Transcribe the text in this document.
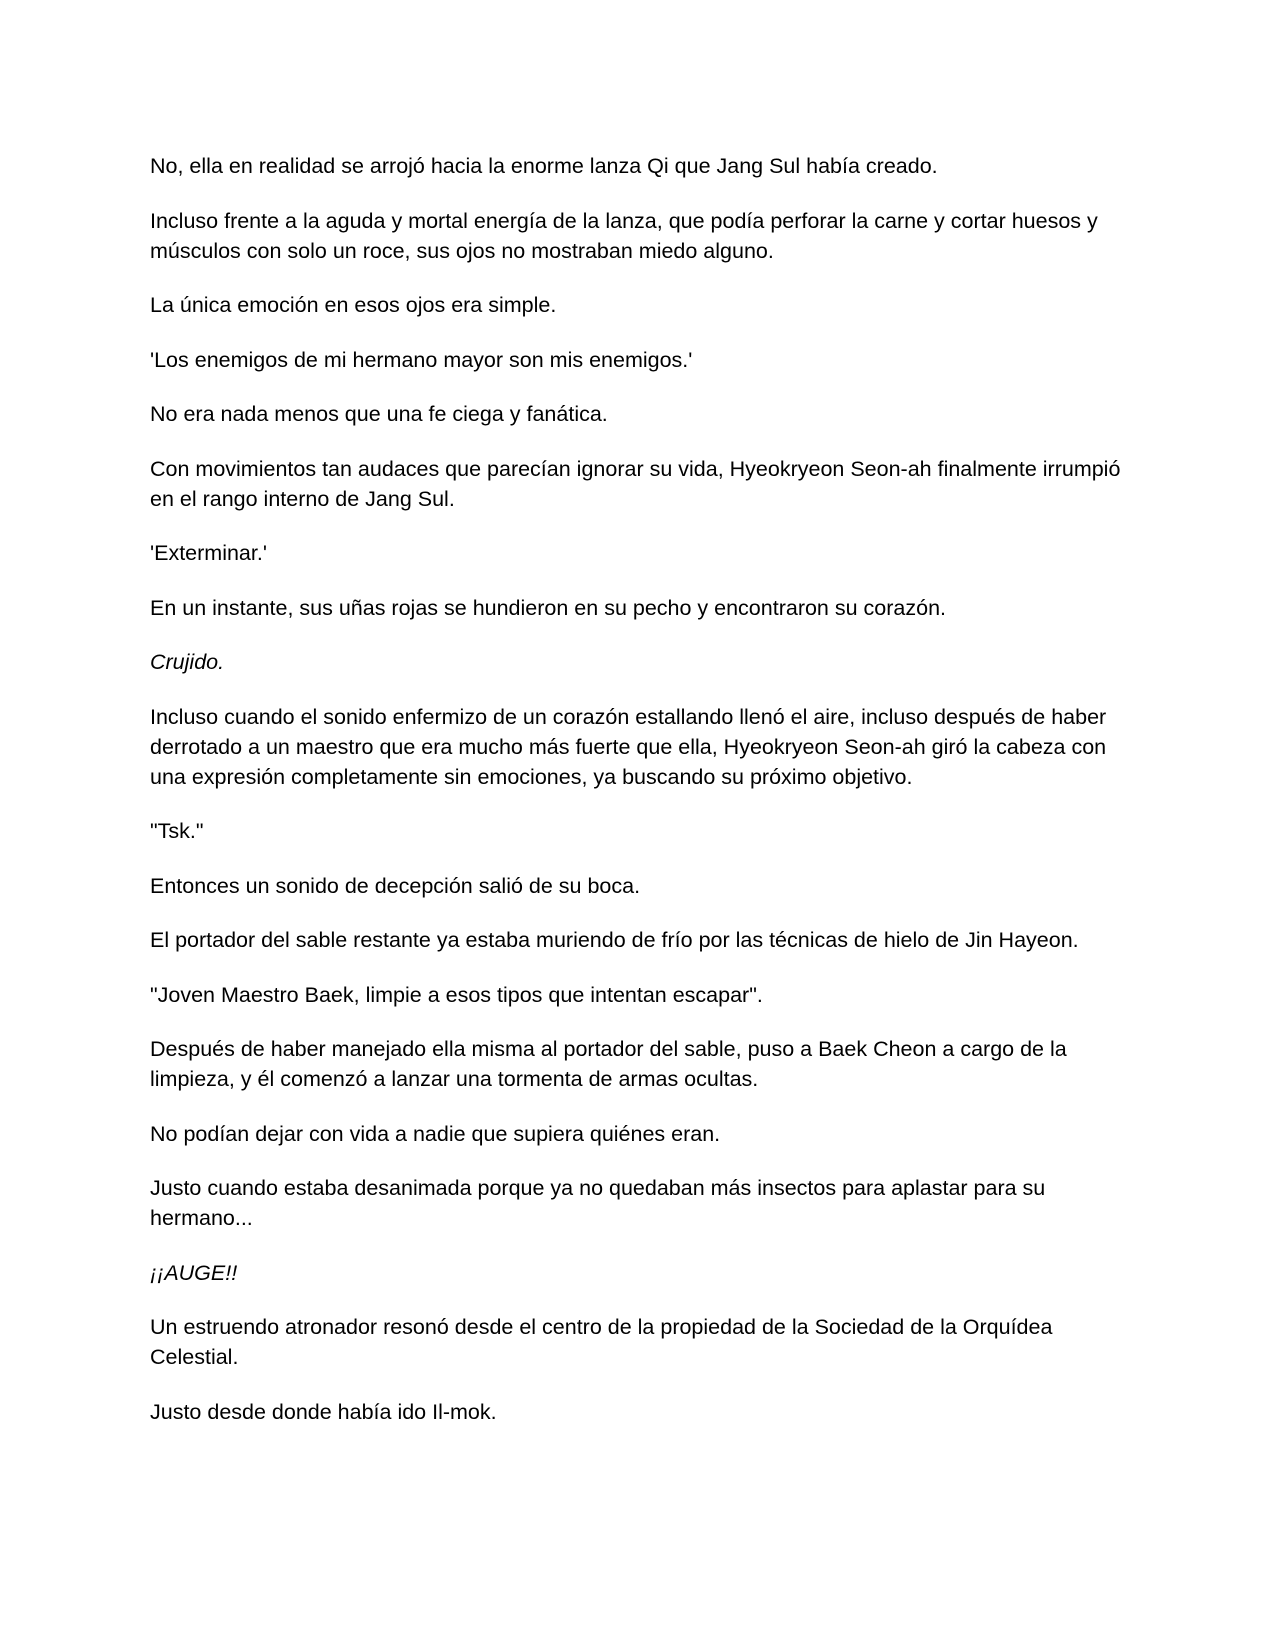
No, ella en realidad se arrojó hacia la enorme lanza Qi que Jang Sul había creado.

Incluso frente a la aguda y mortal energía de la lanza, que podía perforar la carne y cortar huesos y músculos con solo un roce, sus ojos no mostraban miedo alguno.

La única emoción en esos ojos era simple.

'Los enemigos de mi hermano mayor son mis enemigos.'

No era nada menos que una fe ciega y fanática.

Con movimientos tan audaces que parecían ignorar su vida, Hyeokryeon Seon-ah finalmente irrumpió en el rango interno de Jang Sul.

'Exterminar.'

En un instante, sus uñas rojas se hundieron en su pecho y encontraron su corazón.

Crujido.

Incluso cuando el sonido enfermizo de un corazón estallando llenó el aire, incluso después de haber derrotado a un maestro que era mucho más fuerte que ella, Hyeokryeon Seon-ah giró la cabeza con una expresión completamente sin emociones, ya buscando su próximo objetivo.

"Tsk."

Entonces un sonido de decepción salió de su boca.

El portador del sable restante ya estaba muriendo de frío por las técnicas de hielo de Jin Hayeon.

"Joven Maestro Baek, limpie a esos tipos que intentan escapar".

Después de haber manejado ella misma al portador del sable, puso a Baek Cheon a cargo de la limpieza, y él comenzó a lanzar una tormenta de armas ocultas.

No podían dejar con vida a nadie que supiera quiénes eran.

Justo cuando estaba desanimada porque ya no quedaban más insectos para aplastar para su hermano...

¡¡AUGE!!

Un estruendo atronador resonó desde el centro de la propiedad de la Sociedad de la Orquídea Celestial.

Justo desde donde había ido Il-mok.
